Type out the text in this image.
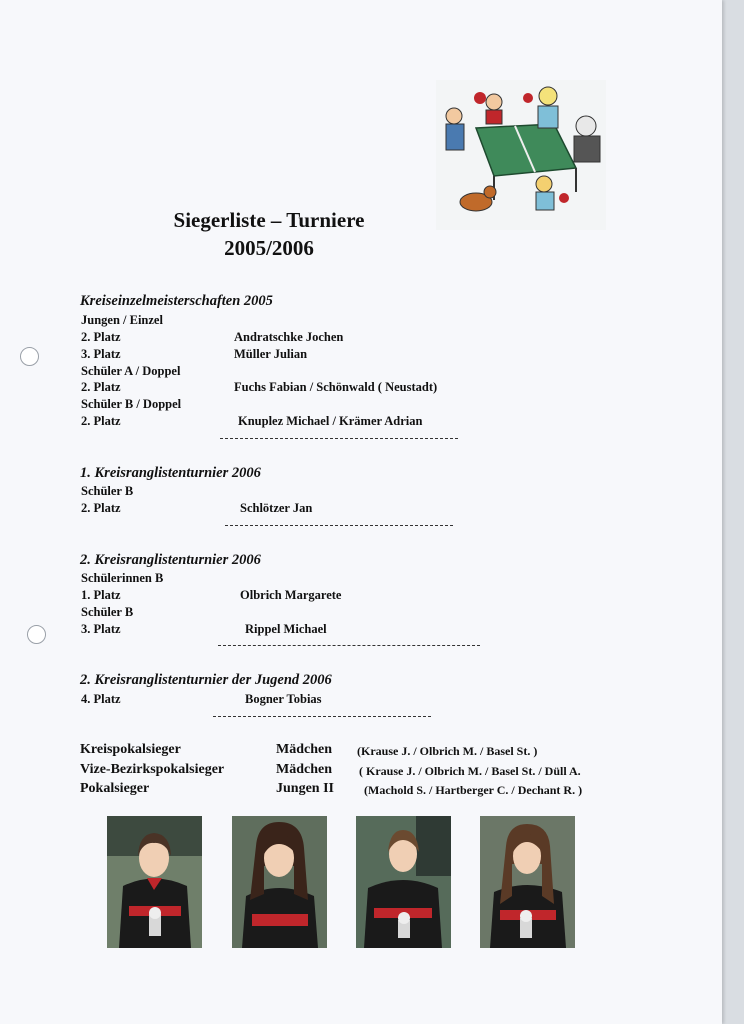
Siegerliste – Turniere
2005/2006
Kreiseinzelmeisterschaften 2005
Jungen / Einzel
2. Platz	Andratschke Jochen
3. Platz	Müller Julian
Schüler A / Doppel
2. Platz	Fuchs Fabian / Schönwald ( Neustadt)
Schüler B / Doppel
2. Platz	Knuplez Michael / Krämer Adrian
1. Kreisranglistenturnier 2006
Schüler B
2. Platz	Schlötzer Jan
2. Kreisranglistenturnier 2006
Schülerinnen B
1. Platz	Olbrich Margarete
Schüler B
3. Platz	Rippel Michael
2. Kreisranglistenturnier der Jugend 2006
4. Platz	Bogner Tobias
Kreispokalsieger	Mädchen (Krause J. / Olbrich M. / Basel St. )
Vize-Bezirkspokalsieger	Mädchen ( Krause J. / Olbrich M. / Basel St. / Düll A.
Pokalsieger	Jungen II	(Machold S. / Hartberger C. / Dechant R. )
